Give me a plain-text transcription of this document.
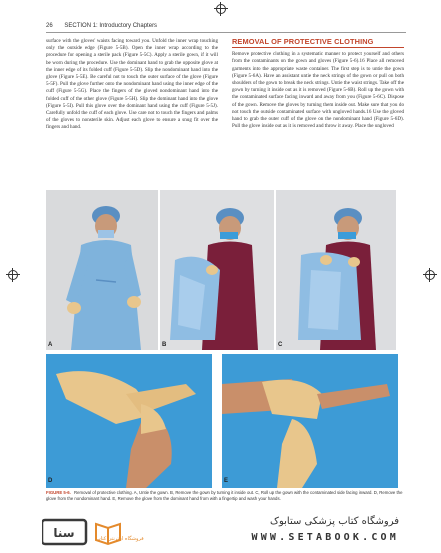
26 SECTION 1: Introductory Chapters
surface with the gloves' waists facing toward you. Unfold the inner wrap touching only the outside edge (Figure 5-5B). Open the inner wrap according to the procedure for opening a sterile pack (Figure 5-5C). Apply a sterile gown, if it will be worn during the procedure. Use the dominant hand to grab the opposite glove at the inner edge of its folded cuff (Figure 5-5D). Slip the nondominant hand into the glove (Figure 5-5E). Be careful not to touch the outer surface of the glove (Figure 5-5F). Pull the glove further onto the nondominant hand using the inner edge of the cuff (Figure 5-5G). Place the fingers of the gloved nondominant hand into the folded cuff of the other glove (Figure 5-5H). Slip the dominant hand into the glove (Figure 5-5I). Pull this glove over the dominant hand using the cuff (Figure 5-5J). Carefully unfold the cuff of each glove. Use care not to touch the fingers and palms of the gloves to nonsterile skin. Adjust each glove to ensure a snug fit over the fingers and hand.
REMOVAL OF PROTECTIVE CLOTHING
Remove protective clothing in a systematic manner to protect yourself and others from the contaminants on the gown and gloves (Figure 5-6).16 Place all removed garments into the appropriate waste container. The first step is to untie the gown (Figure 5-6A). Have an assistant untie the neck strings of the gown or pull on both shoulders of the gown to break the neck strings. Untie the waist strings. Take off the gown by turning it inside out as it is removed (Figure 5-6B). Roll up the gown with the contaminated surface facing inward and away from you (Figure 5-6C). Dispose of the gown. Remove the gloves by turning them inside out. Make sure that you do not touch the outside contaminated surface with ungloved hands.16 Use the gloved hand to grab the outer cuff of the glove on the nondominant hand (Figure 5-6D). Pull the glove inside out as it is removed and throw it away. Place the ungloved
A	B	C
D	E
FIGURE 5-6. Removal of protective clothing. A, Untie the gown. B, Remove the gown by turning it inside out. C, Roll up the gown with the contaminated side facing inward. D, Remove the glove from the nondominant hand. E, Remove the glove from the dominant hand from with a fingertip and wash your hands.
سنا	فروشگاه اینترنتی کتاب
فروشگاه کتاب پزشکی ستابوک
WWW.SETABOOK.COM
